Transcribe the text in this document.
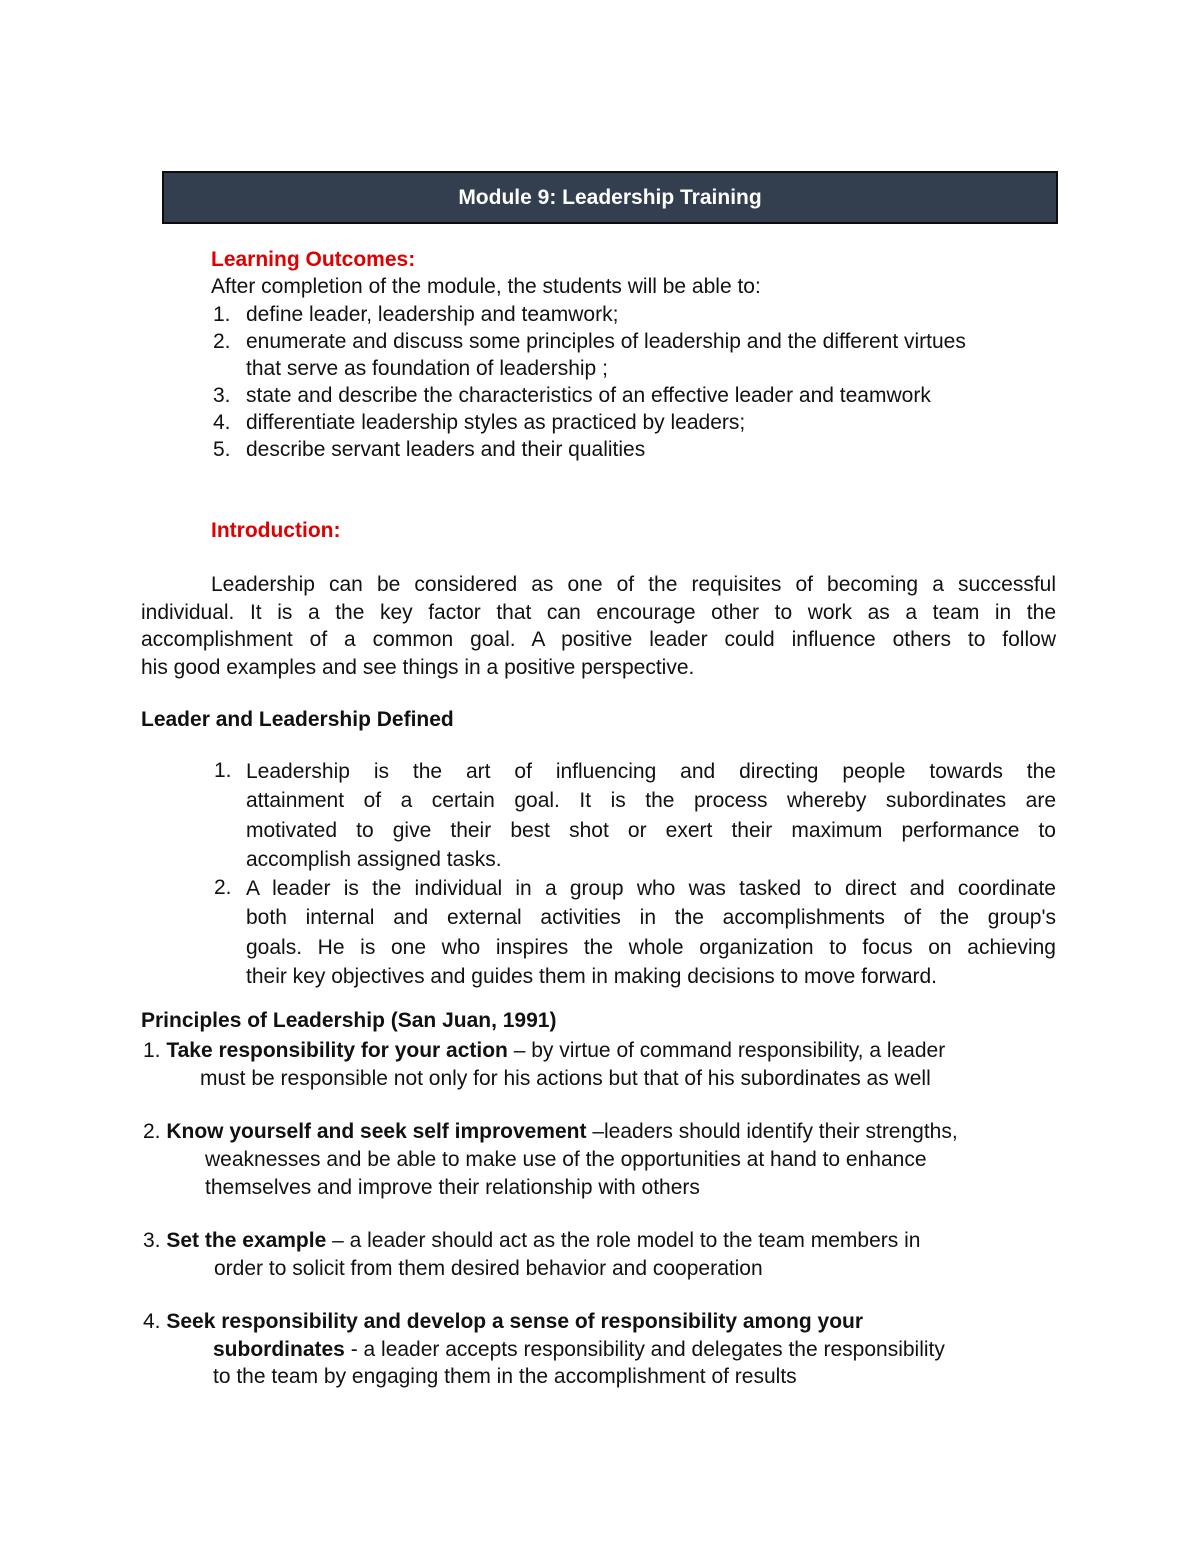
Module 9: Leadership Training
Learning Outcomes:
After completion of the module, the students will be able to:
1. define leader, leadership and teamwork;
2. enumerate and discuss some principles of leadership and the different virtues
that serve as foundation of leadership ;
3. state and describe the characteristics of an effective leader and teamwork
4. differentiate leadership styles as practiced by leaders;
5. describe servant leaders and their qualities
Introduction:
Leadership can be considered as one of the requisites of becoming a successful
individual. It is a the key factor that can encourage other to work as a team in the
accomplishment of a common goal. A positive leader could influence others to follow
his good examples and see things in a positive perspective.
Leader and Leadership Defined
1. Leadership is the art of influencing and directing people towards the
attainment of a certain goal. It is the process whereby subordinates are
motivated to give their best shot or exert their maximum performance to
accomplish assigned tasks.
2. A leader is the individual in a group who was tasked to direct and coordinate
both internal and external activities in the accomplishments of the group's
goals. He is one who inspires the whole organization to focus on achieving
their key objectives and guides them in making decisions to move forward.
Principles of Leadership (San Juan, 1991)
1. Take responsibility for your action – by virtue of command responsibility, a leader
must be responsible not only for his actions but that of his subordinates as well
2. Know yourself and seek self improvement –leaders should identify their strengths,
weaknesses and be able to make use of the opportunities at hand to enhance
themselves and improve their relationship with others
3. Set the example – a leader should act as the role model to the team members in
order to solicit from them desired behavior and cooperation
4. Seek responsibility and develop a sense of responsibility among your
subordinates - a leader accepts responsibility and delegates the responsibility
to the team by engaging them in the accomplishment of results
